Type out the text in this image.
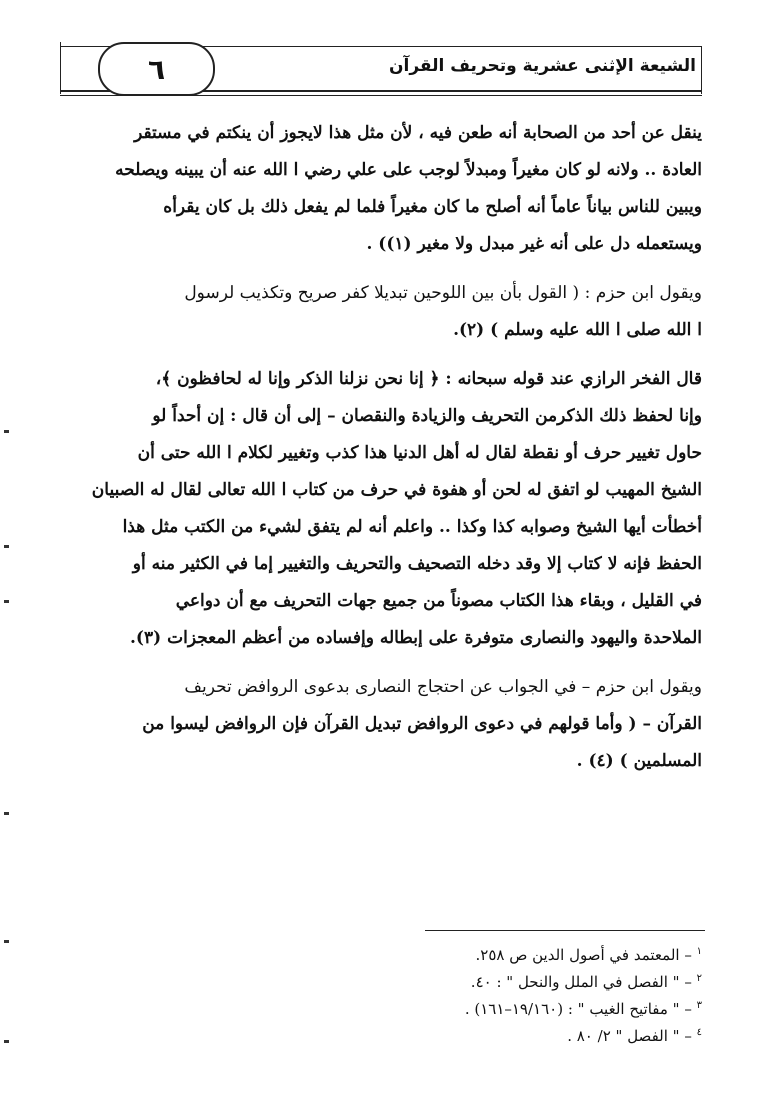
٦	الشيعة الإثنى عشرية وتحريف القرآن
ينقل عن أحد من الصحابة أنه طعن فيه ، لأن مثل هذا لايجوز أن ينكتم في مستقر
العادة .. ولانه لو كان مغيراً ومبدلاً لوجب على علي رضي ا الله عنه أن يبينه ويصلحه
ويبين للناس بياناً عاماً أنه أصلح ما كان مغيراً فلما لم يفعل ذلك بل كان يقرأه
ويستعمله دل على أنه غير مبدل ولا مغير (١)) .
ويقول ابن حزم : ( القول بأن بين اللوحين تبديلا كفر صريح وتكذيب لرسول
ا الله صلى ا الله عليه وسلم ) (٢).
قال الفخر الرازي عند قوله سبحانه : ﴿ إنا نحن نزلنا الذكر وإنا له لحافظون ﴾،
وإنا لحفظ ذلك الذكرمن التحريف والزيادة والنقصان – إلى أن قال : إن أحداً لو
حاول تغيير حرف أو نقطة لقال له أهل الدنيا هذا كذب وتغيير لكلام ا الله حتى أن
الشيخ المهيب لو اتفق له لحن أو هفوة في حرف من كتاب ا الله تعالى لقال له الصبيان
أخطأت أيها الشيخ وصوابه كذا وكذا .. واعلم أنه لم يتفق لشيء من الكتب مثل هذا
الحفظ فإنه لا كتاب إلا وقد دخله التصحيف والتحريف والتغيير إما في الكثير منه أو
في القليل ، وبقاء هذا الكتاب مصوناً من جميع جهات التحريف مع أن دواعي
الملاحدة واليهود والنصارى متوفرة على إبطاله وإفساده من أعظم المعجزات (٣).
ويقول ابن حزم – في الجواب عن احتجاج النصارى بدعوى الروافض تحريف
القرآن – ( وأما قولهم في دعوى الروافض تبديل القرآن فإن الروافض ليسوا من
المسلمين ) (٤) .
$^١$ – المعتمد في أصول الدين ص ٢٥٨.
$^٢$ – " الفصل في الملل والنحل " : ٤٠.
$^٣$ – " مفاتيح الغيب " : (١٩/١٦٠–١٦١) .
$^٤$ – " الفصل " ٢/ ٨٠ .
